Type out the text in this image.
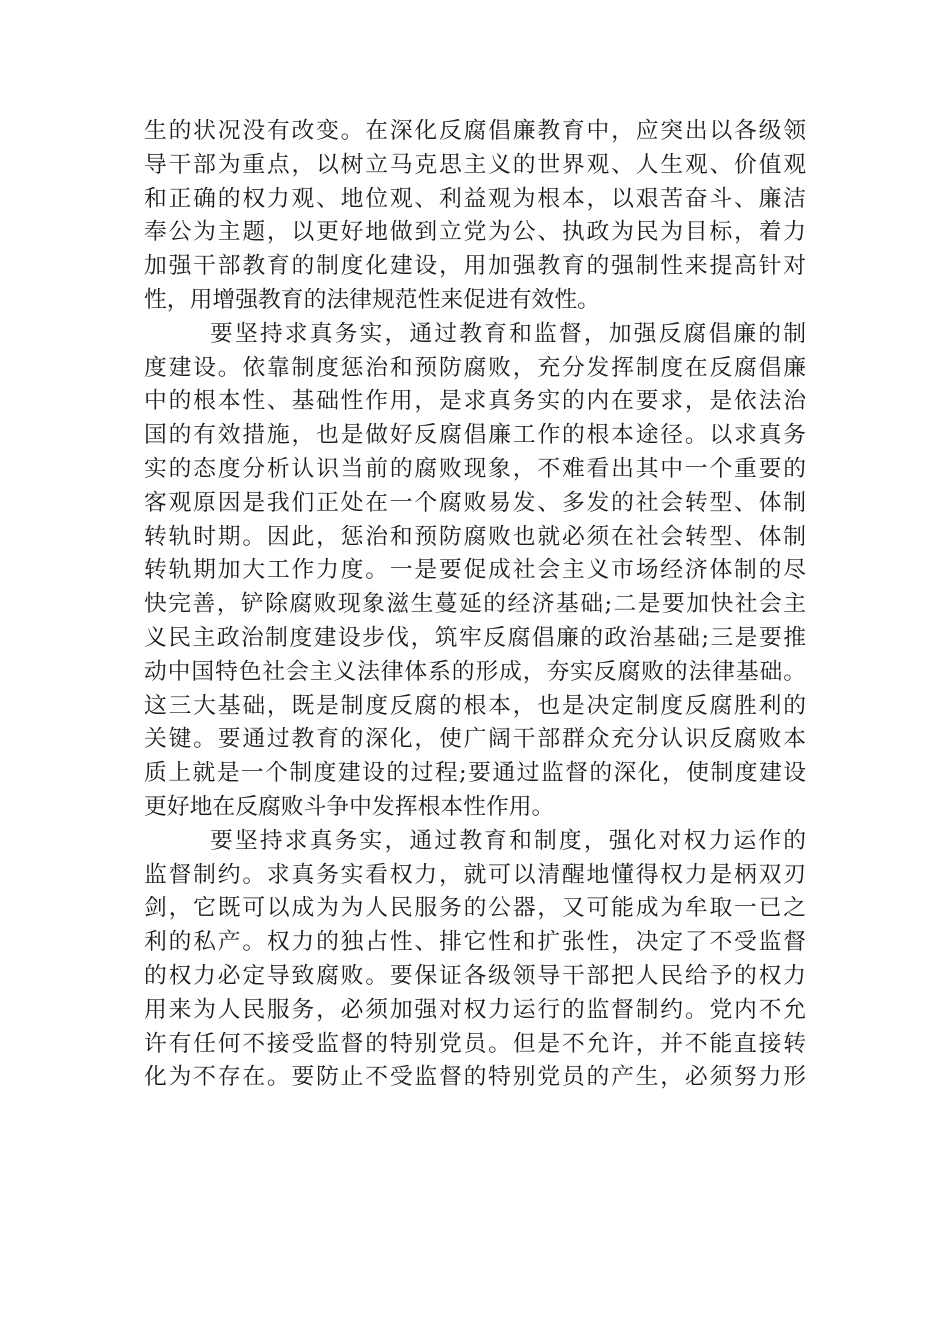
生的状况没有改变。在深化反腐倡廉教育中，应突出以各级领
导干部为重点，以树立马克思主义的世界观、人生观、价值观
和正确的权力观、地位观、利益观为根本，以艰苦奋斗、廉洁
奉公为主题，以更好地做到立党为公、执政为民为目标，着力
加强干部教育的制度化建设，用加强教育的强制性来提高针对
性，用增强教育的法律规范性来促进有效性。
要坚持求真务实，通过教育和监督，加强反腐倡廉的制
度建设。依靠制度惩治和预防腐败，充分发挥制度在反腐倡廉
中的根本性、基础性作用，是求真务实的内在要求，是依法治
国的有效措施，也是做好反腐倡廉工作的根本途径。以求真务
实的态度分析认识当前的腐败现象，不难看出其中一个重要的
客观原因是我们正处在一个腐败易发、多发的社会转型、体制
转轨时期。因此，惩治和预防腐败也就必须在社会转型、体制
转轨期加大工作力度。一是要促成社会主义市场经济体制的尽
快完善，铲除腐败现象滋生蔓延的经济基础;二是要加快社会主
义民主政治制度建设步伐，筑牢反腐倡廉的政治基础;三是要推
动中国特色社会主义法律体系的形成，夯实反腐败的法律基础。
这三大基础，既是制度反腐的根本，也是决定制度反腐胜利的
关键。要通过教育的深化，使广阔干部群众充分认识反腐败本
质上就是一个制度建设的过程;要通过监督的深化，使制度建设
更好地在反腐败斗争中发挥根本性作用。
要坚持求真务实，通过教育和制度，强化对权力运作的
监督制约。求真务实看权力，就可以清醒地懂得权力是柄双刃
剑，它既可以成为为人民服务的公器，又可能成为牟取一已之
利的私产。权力的独占性、排它性和扩张性，决定了不受监督
的权力必定导致腐败。要保证各级领导干部把人民给予的权力
用来为人民服务，必须加强对权力运行的监督制约。党内不允
许有任何不接受监督的特别党员。但是不允许，并不能直接转
化为不存在。要防止不受监督的特别党员的产生，必须努力形
